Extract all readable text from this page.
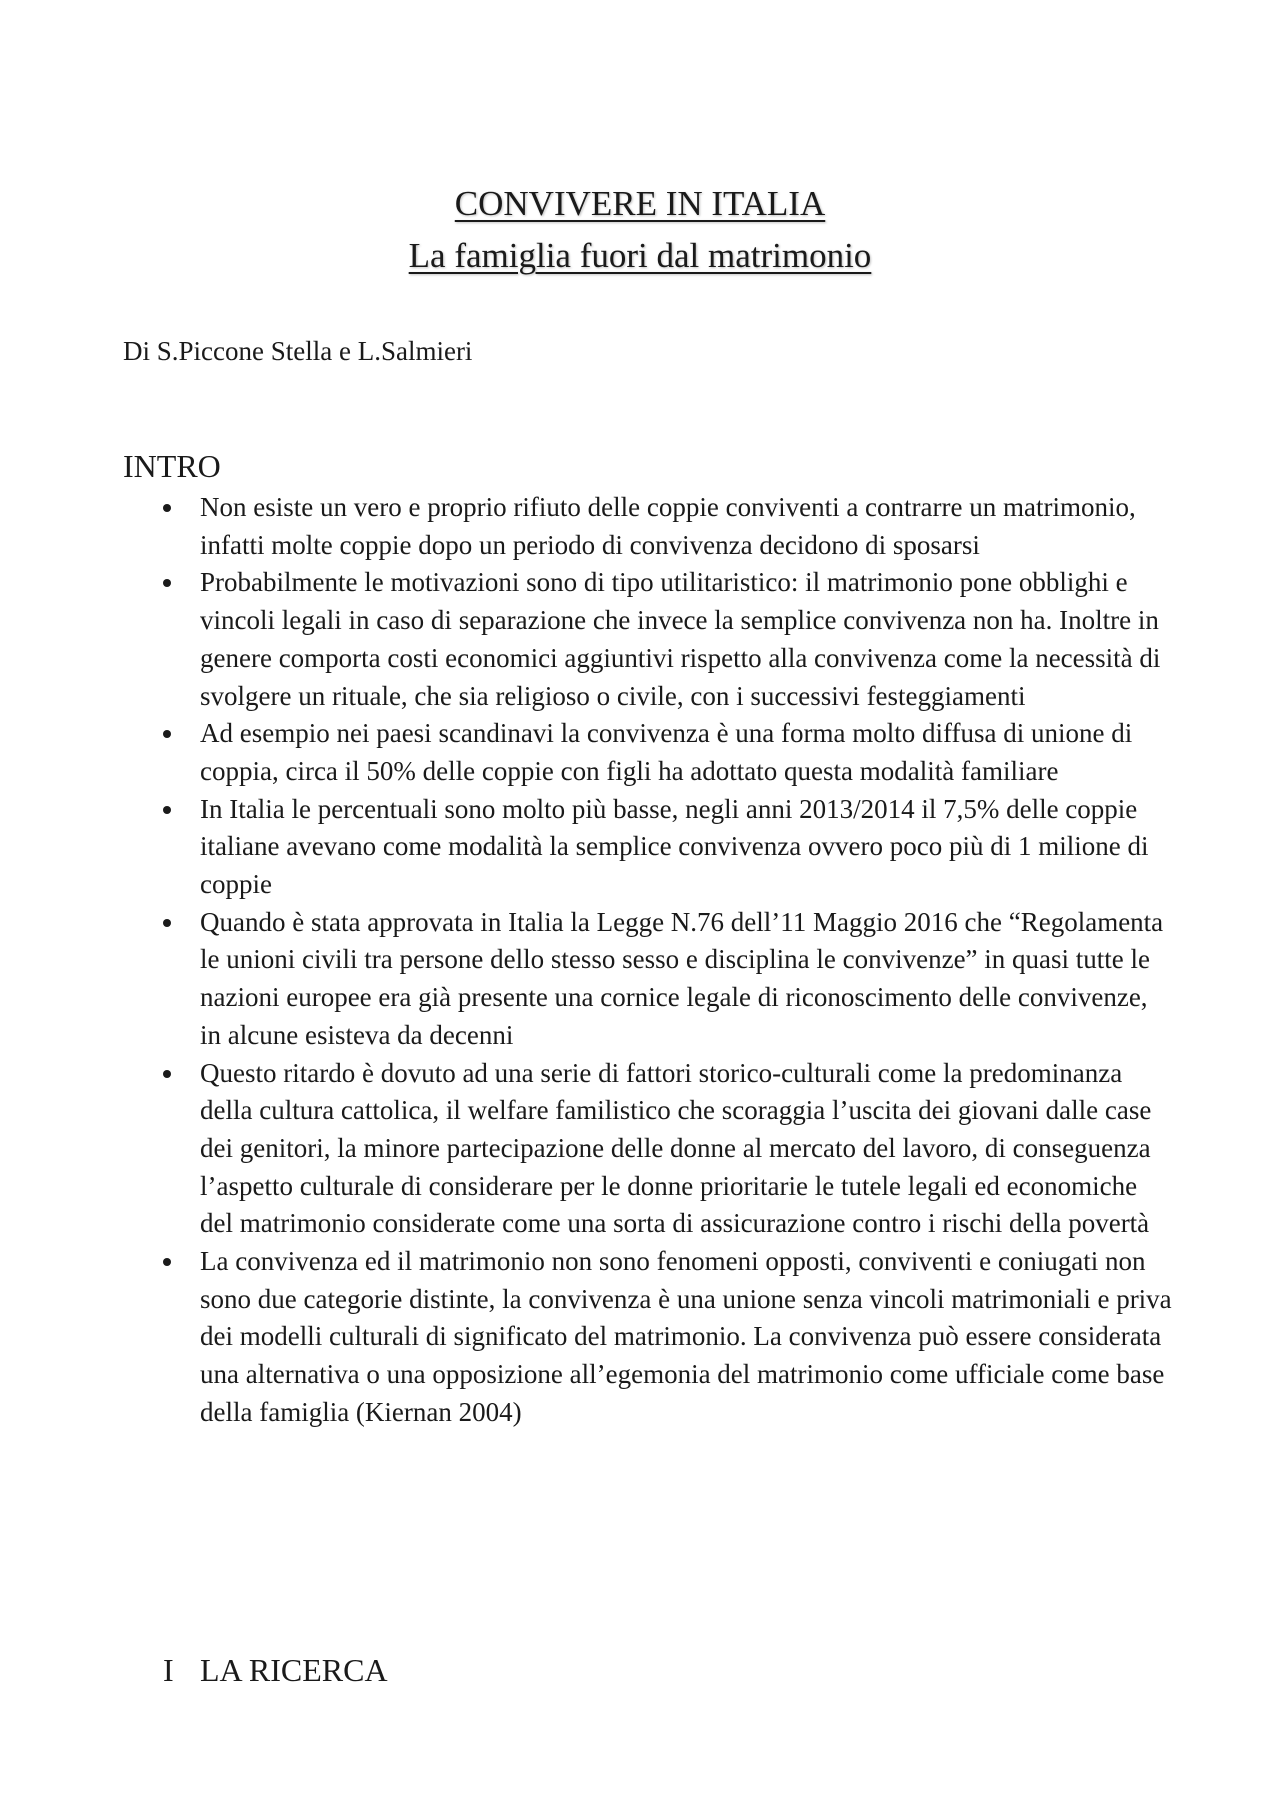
CONVIVERE IN ITALIA
La famiglia fuori dal matrimonio
Di S.Piccone Stella e L.Salmieri
INTRO
Non esiste un vero e proprio rifiuto delle coppie conviventi a contrarre un matrimonio, infatti molte coppie dopo un periodo di convivenza decidono di sposarsi
Probabilmente le motivazioni sono di tipo utilitaristico: il matrimonio pone obblighi e vincoli legali in caso di separazione che invece la semplice convivenza non ha. Inoltre in genere comporta costi economici aggiuntivi rispetto alla convivenza come la necessità di svolgere un rituale, che sia religioso o civile, con i successivi festeggiamenti
Ad esempio nei paesi scandinavi la convivenza è una forma molto diffusa di unione di coppia, circa il 50% delle coppie con figli ha adottato questa modalità familiare
In Italia le percentuali sono molto più basse, negli anni 2013/2014 il 7,5% delle coppie italiane avevano come modalità la semplice convivenza ovvero poco più di 1 milione di coppie
Quando è stata approvata in Italia la Legge N.76 dell’11 Maggio 2016 che “Regolamenta le unioni civili tra persone dello stesso sesso e disciplina le convivenze” in quasi tutte le nazioni europee era già presente una cornice legale di riconoscimento delle convivenze, in alcune esisteva da decenni
Questo ritardo è dovuto ad una serie di fattori storico-culturali come la predominanza della cultura cattolica, il welfare familistico che scoraggia l’uscita dei giovani dalle case dei genitori, la minore partecipazione delle donne al mercato del lavoro, di conseguenza l’aspetto culturale di considerare per le donne prioritarie le tutele legali ed economiche del matrimonio considerate come una sorta di assicurazione contro i rischi della povertà
La convivenza ed il matrimonio non sono fenomeni opposti, conviventi e coniugati non sono due categorie distinte, la convivenza è una unione senza vincoli matrimoniali e priva dei modelli culturali di significato del matrimonio. La convivenza può essere considerata una alternativa o una opposizione all’egemonia del matrimonio come ufficiale come base della famiglia (Kiernan 2004)
I LA RICERCA
